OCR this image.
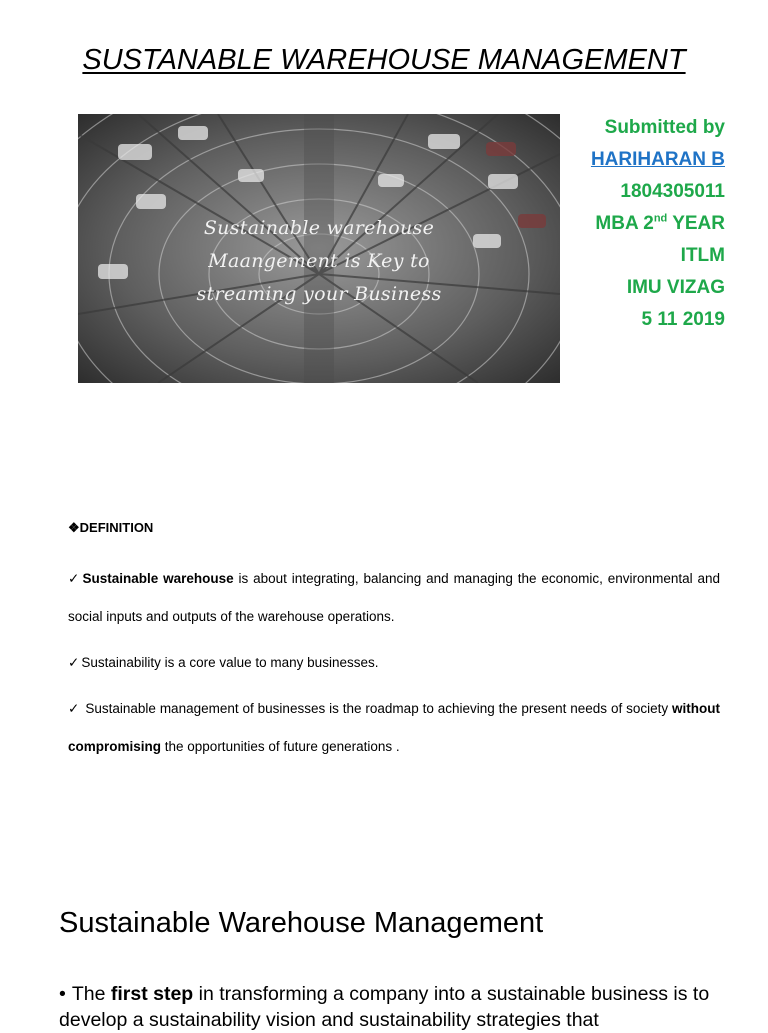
SUSTANABLE WAREHOUSE MANAGEMENT
Sustainable warehouse
Maangement is Key to
streaming your Business
Submitted by
HARIHARAN B
1804305011
MBA 2nd YEAR
ITLM
IMU VIZAG
5 11 2019
❖DEFINITION
✓ Sustainable warehouse is about integrating, balancing and managing the economic, environmental and social inputs and outputs of the warehouse operations.
✓ Sustainability is a core value to many businesses.
✓ Sustainable management of businesses is the roadmap to achieving the present needs of society without compromising the opportunities of future generations .
Sustainable Warehouse Management
• The first step in transforming a company into a sustainable business is to develop a sustainability vision and sustainability strategies that
